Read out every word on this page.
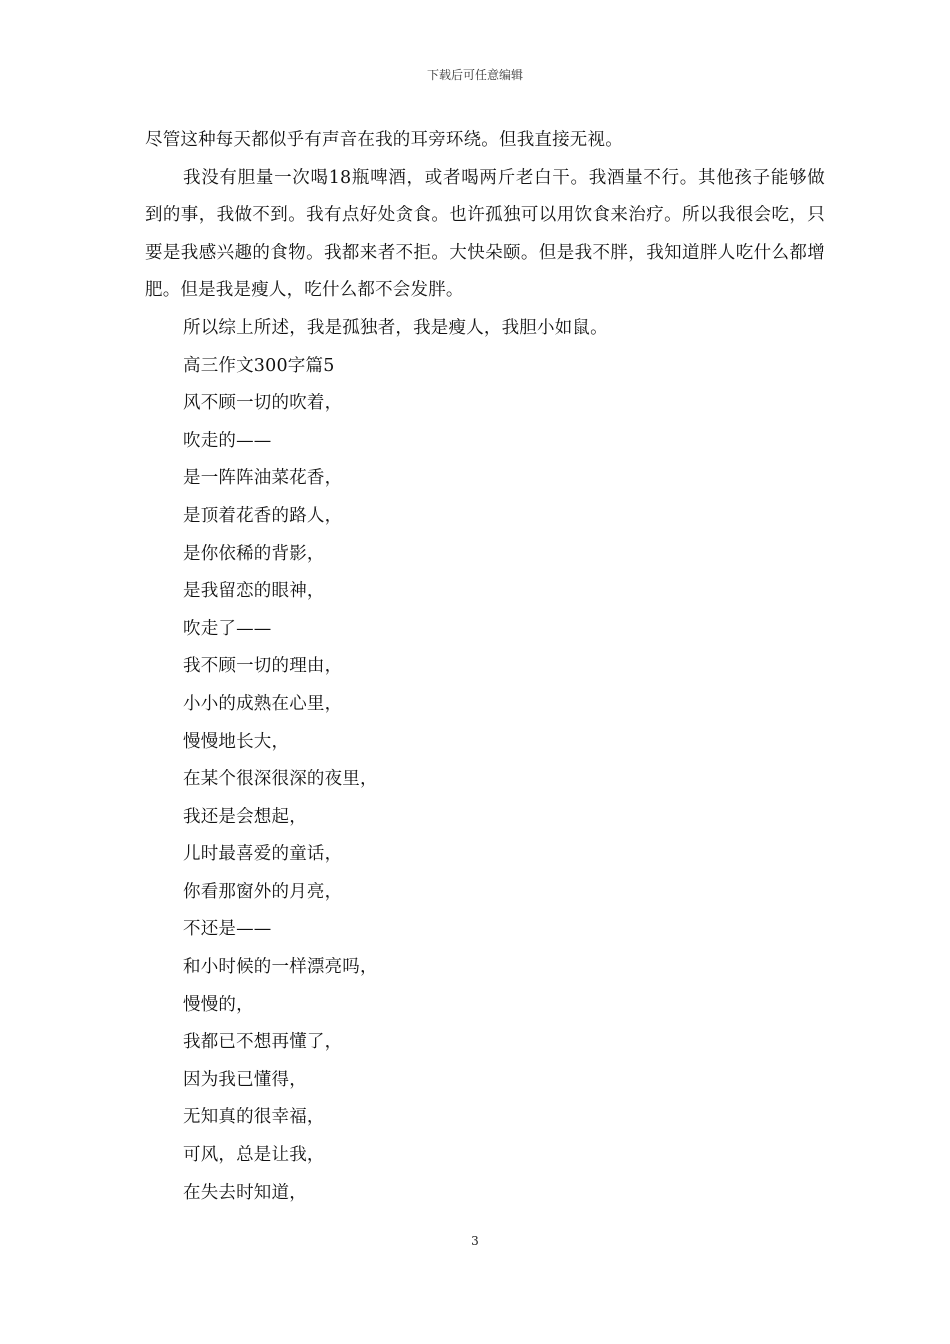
下载后可任意编辑

尽管这种每天都似乎有声音在我的耳旁环绕。但我直接无视。

我没有胆量一次喝18瓶啤酒，或者喝两斤老白干。我酒量不行。其他孩子能够做到的事，我做不到。我有点好处贪食。也许孤独可以用饮食来治疗。所以我很会吃，只要是我感兴趣的食物。我都来者不拒。大快朵颐。但是我不胖，我知道胖人吃什么都增肥。但是我是瘦人，吃什么都不会发胖。

所以综上所述，我是孤独者，我是瘦人，我胆小如鼠。

高三作文300字篇5

风不顾一切的吹着，

吹走的——

是一阵阵油菜花香，

是顶着花香的路人，

是你依稀的背影，

是我留恋的眼神，

吹走了——

我不顾一切的理由，

小小的成熟在心里，

慢慢地长大，

在某个很深很深的夜里，

我还是会想起，

儿时最喜爱的童话，

你看那窗外的月亮，

不还是——

和小时候的一样漂亮吗，

慢慢的，

我都已不想再懂了，

因为我已懂得，

无知真的很幸福，

可风，总是让我，

在失去时知道，

3
